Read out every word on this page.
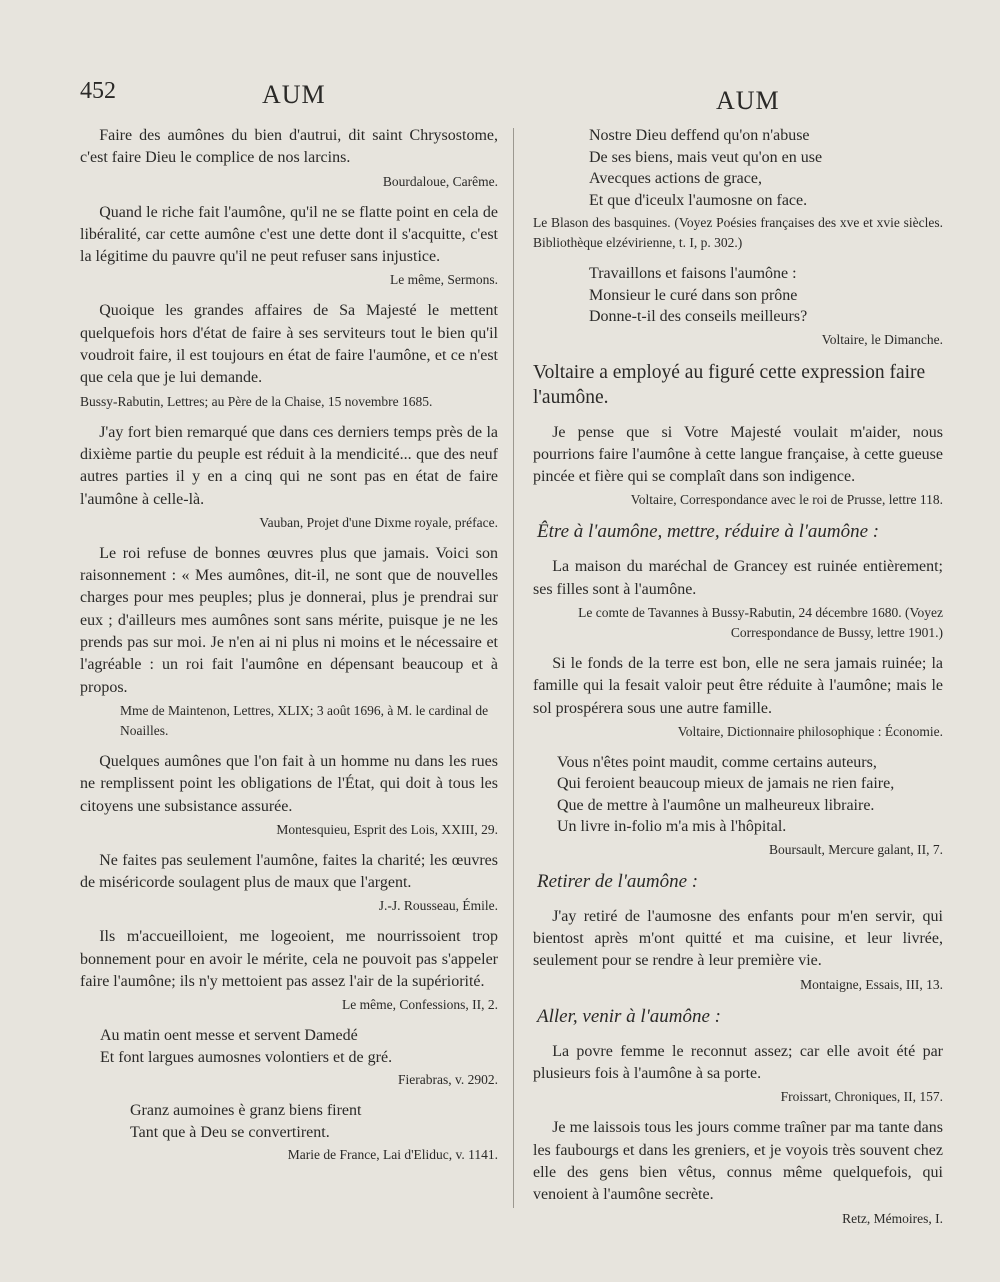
452	AUM	AUM

Faire des aumônes du bien d'autrui, dit saint Chrysostome, c'est faire Dieu le complice de nos larcins.

Bourdaloue, Carême.

Quand le riche fait l'aumône, qu'il ne se flatte point en cela de libéralité, car cette aumône c'est une dette dont il s'acquitte, c'est la légitime du pauvre qu'il ne peut refuser sans injustice.

Le même, Sermons.

Quoique les grandes affaires de Sa Majesté le mettent quelquefois hors d'état de faire à ses serviteurs tout le bien qu'il voudroit faire, il est toujours en état de faire l'aumône, et ce n'est que cela que je lui demande.

Bussy-Rabutin, Lettres; au Père de la Chaise, 15 novembre 1685.

J'ay fort bien remarqué que dans ces derniers temps près de la dixième partie du peuple est réduit à la mendicité... que des neuf autres parties il y en a cinq qui ne sont pas en état de faire l'aumône à celle-là.

Vauban, Projet d'une Dixme royale, préface.

Le roi refuse de bonnes œuvres plus que jamais. Voici son raisonnement : « Mes aumônes, dit-il, ne sont que de nouvelles charges pour mes peuples; plus je donnerai, plus je prendrai sur eux ; d'ailleurs mes aumônes sont sans mérite, puisque je ne les prends pas sur moi. Je n'en ai ni plus ni moins et le nécessaire et l'agréable : un roi fait l'aumône en dépensant beaucoup et à propos.

Mme de Maintenon, Lettres, XLIX; 3 août 1696, à M. le cardinal de Noailles.

Quelques aumônes que l'on fait à un homme nu dans les rues ne remplissent point les obligations de l'État, qui doit à tous les citoyens une subsistance assurée.

Montesquieu, Esprit des Lois, XXIII, 29.

Ne faites pas seulement l'aumône, faites la charité; les œuvres de miséricorde soulagent plus de maux que l'argent.

J.-J. Rousseau, Émile.

Ils m'accueilloient, me logeoient, me nourrissoient trop bonnement pour en avoir le mérite, cela ne pouvoit pas s'appeler faire l'aumône; ils n'y mettoient pas assez l'air de la supériorité.

Le même, Confessions, II, 2.

Au matin oent messe et servent Damedé

Et font largues aumosnes volontiers et de gré.

Fierabras, v. 2902.

Granz aumoines è granz biens firent

Tant que à Deu se convertirent.

Marie de France, Lai d'Eliduc, v. 1141.

Nostre Dieu deffend qu'on n'abuse

De ses biens, mais veut qu'on en use

Avecques actions de grace,

Et que d'iceulx l'aumosne on face.

Le Blason des basquines. (Voyez Poésies françaises des xve et xvie siècles. Bibliothèque elzévirienne, t. I, p. 302.)

Travaillons et faisons l'aumône :

Monsieur le curé dans son prône

Donne-t-il des conseils meilleurs?

Voltaire, le Dimanche.

Voltaire a employé au figuré cette expression faire l'aumône.

Je pense que si Votre Majesté voulait m'aider, nous pourrions faire l'aumône à cette langue française, à cette gueuse pincée et fière qui se complaît dans son indigence.

Voltaire, Correspondance avec le roi de Prusse, lettre 118.

Être à l'aumône, mettre, réduire à l'aumône :

La maison du maréchal de Grancey est ruinée entièrement; ses filles sont à l'aumône.

Le comte de Tavannes à Bussy-Rabutin, 24 décembre 1680. (Voyez Correspondance de Bussy, lettre 1901.)

Si le fonds de la terre est bon, elle ne sera jamais ruinée; la famille qui la fesait valoir peut être réduite à l'aumône; mais le sol prospérera sous une autre famille.

Voltaire, Dictionnaire philosophique : Économie.

Vous n'êtes point maudit, comme certains auteurs,

Qui feroient beaucoup mieux de jamais ne rien faire,

Que de mettre à l'aumône un malheureux libraire.

Un livre in-folio m'a mis à l'hôpital.

Boursault, Mercure galant, II, 7.

Retirer de l'aumône :

J'ay retiré de l'aumosne des enfants pour m'en servir, qui bientost après m'ont quitté et ma cuisine, et leur livrée, seulement pour se rendre à leur première vie.

Montaigne, Essais, III, 13.

Aller, venir à l'aumône :

La povre femme le reconnut assez; car elle avoit été par plusieurs fois à l'aumône à sa porte.

Froissart, Chroniques, II, 157.

Je me laissois tous les jours comme traîner par ma tante dans les faubourgs et dans les greniers, et je voyois très souvent chez elle des gens bien vêtus, connus même quelquefois, qui venoient à l'aumône secrète.

Retz, Mémoires, I.
